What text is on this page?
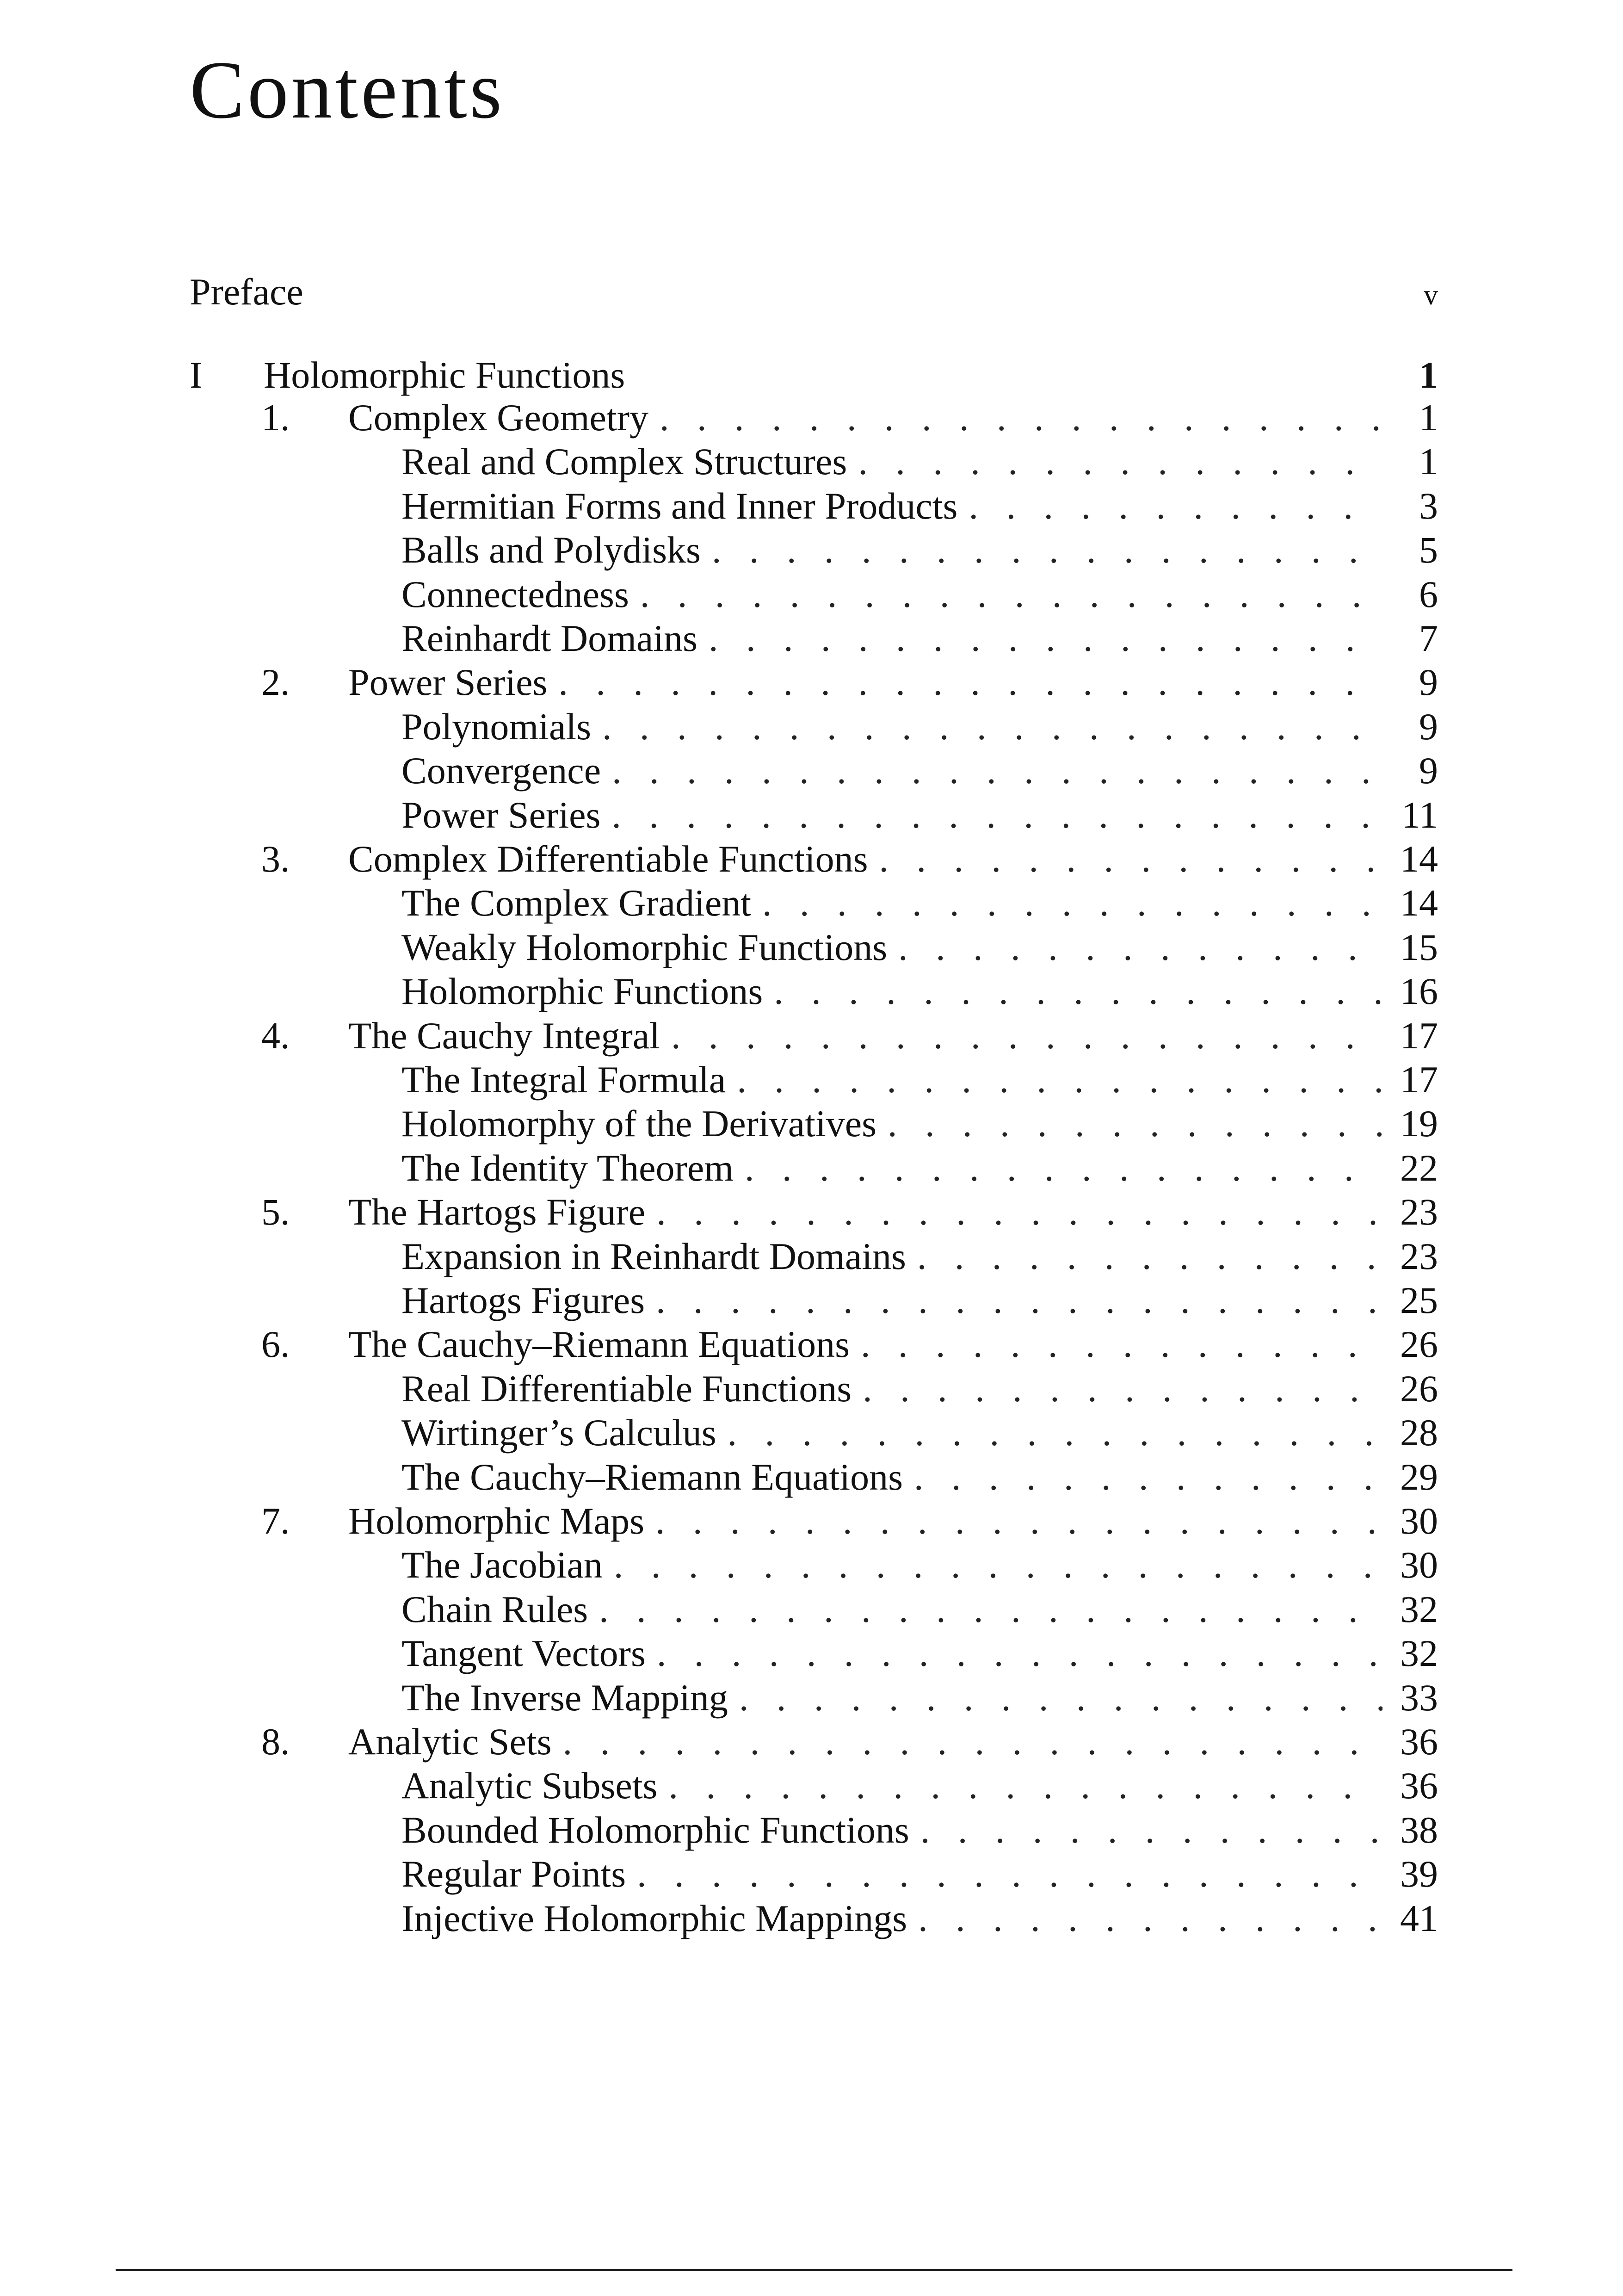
Contents
Preface	v
I	Holomorphic Functions	1
1.	Complex Geometry . . .	1
Real and Complex Structures . . .	1
Hermitian Forms and Inner Products . . .	3
Balls and Polydisks . . .	5
Connectedness . . .	6
Reinhardt Domains . . .	7
2.	Power Series . . .	9
Polynomials . . .	9
Convergence . . .	9
Power Series . . .	11
3.	Complex Differentiable Functions . . .	14
The Complex Gradient . . .	14
Weakly Holomorphic Functions . . .	15
Holomorphic Functions . . .	16
4.	The Cauchy Integral . . .	17
The Integral Formula . . .	17
Holomorphy of the Derivatives . . .	19
The Identity Theorem . . .	22
5.	The Hartogs Figure . . .	23
Expansion in Reinhardt Domains . . .	23
Hartogs Figures . . .	25
6.	The Cauchy–Riemann Equations . . .	26
Real Differentiable Functions . . .	26
Wirtinger’s Calculus . . .	28
The Cauchy–Riemann Equations . . .	29
7.	Holomorphic Maps . . .	30
The Jacobian . . .	30
Chain Rules . . .	32
Tangent Vectors . . .	32
The Inverse Mapping . . .	33
8.	Analytic Sets . . .	36
Analytic Subsets . . .	36
Bounded Holomorphic Functions . . .	38
Regular Points . . .	39
Injective Holomorphic Mappings . . .	41
